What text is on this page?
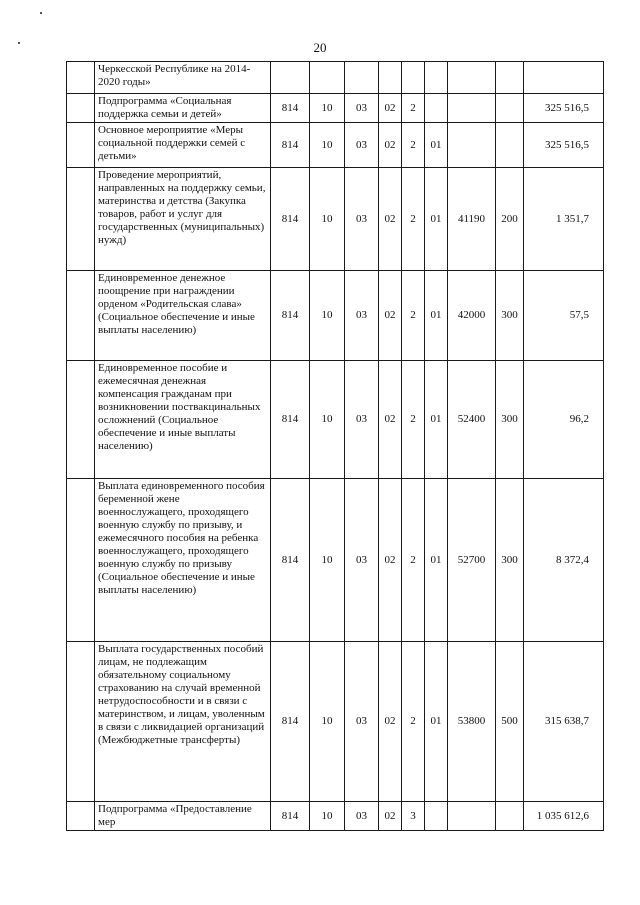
20
	Черкесской Республике на 2014-2020 годы»									
	Подпрограмма «Социальная поддержка семьи и детей»	814	10	03	02	2				325 516,5
	Основное мероприятие «Меры социальной поддержки семей с детьми»	814	10	03	02	2	01			325 516,5
	Проведение мероприятий, направленных на поддержку семьи, материнства и детства (Закупка товаров, работ и услуг для государственных (муниципальных) нужд)	814	10	03	02	2	01	41190	200	1 351,7
	Единовременное денежное поощрение при награждении орденом «Родительская слава» (Социальное обеспечение и иные выплаты населению)	814	10	03	02	2	01	42000	300	57,5
	Единовременное пособие и ежемесячная денежная компенсация гражданам при возникновении поствакцинальных осложнений (Социальное обеспечение и иные выплаты населению)	814	10	03	02	2	01	52400	300	96,2
	Выплата единовременного пособия беременной жене военнослужащего, проходящего военную службу по призыву, и ежемесячного пособия на ребенка военнослужащего, проходящего военную службу по призыву (Социальное обеспечение и иные выплаты населению)	814	10	03	02	2	01	52700	300	8 372,4
	Выплата государственных пособий лицам, не подлежащим обязательному социальному страхованию на случай временной нетрудоспособности и в связи с материнством, и лицам, уволенным в связи с ликвидацией организаций (Межбюджетные трансферты)	814	10	03	02	2	01	53800	500	315 638,7
	Подпрограмма «Предоставление мер	814	10	03	02	3				1 035 612,6
